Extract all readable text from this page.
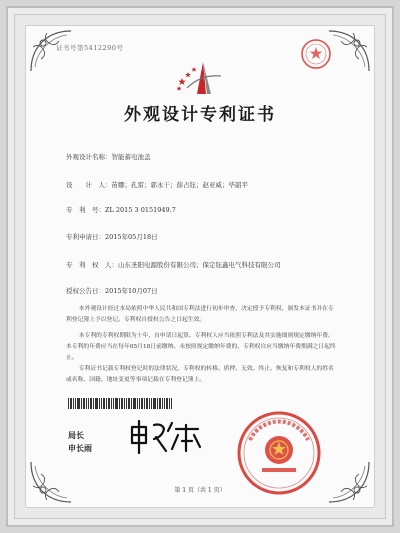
证书号第5412290号
外观设计专利证书
外观设计名称：智能蓄电池盖
设　　计　人：苗娜；孔雷；郭永干；薛占钰；赵亚威；毕韶平
专　利　号：ZL 2015 3 0151949.7
专利申请日：2015年05月18日
专　利　权　人：山东圣阳电源股份有限公司；保定钰鑫电气科技有限公司
授权公告日：2015年10月07日
本外观设计经过本局依照中华人民共和国专利法进行初步审查，决定授予专利权，颁发本证书并在专利登记簿上予以登记。专利权自授权公告之日起生效。
本专利的专利权期限为十年，自申请日起算。专利权人应当依照专利法及其实施细则规定缴纳年费。本专利的年费应当在每年05月18日前缴纳。未按照规定缴纳年费的，专利权自应当缴纳年费期满之日起终止。
专利证书记载专利权登记时的法律状况。专利权的转移、质押、无效、终止、恢复和专利权人的姓名或名称、国籍、地址变更等事项记载在专利登记簿上。
局长
申长雨
第 1 页（共 1 页）
